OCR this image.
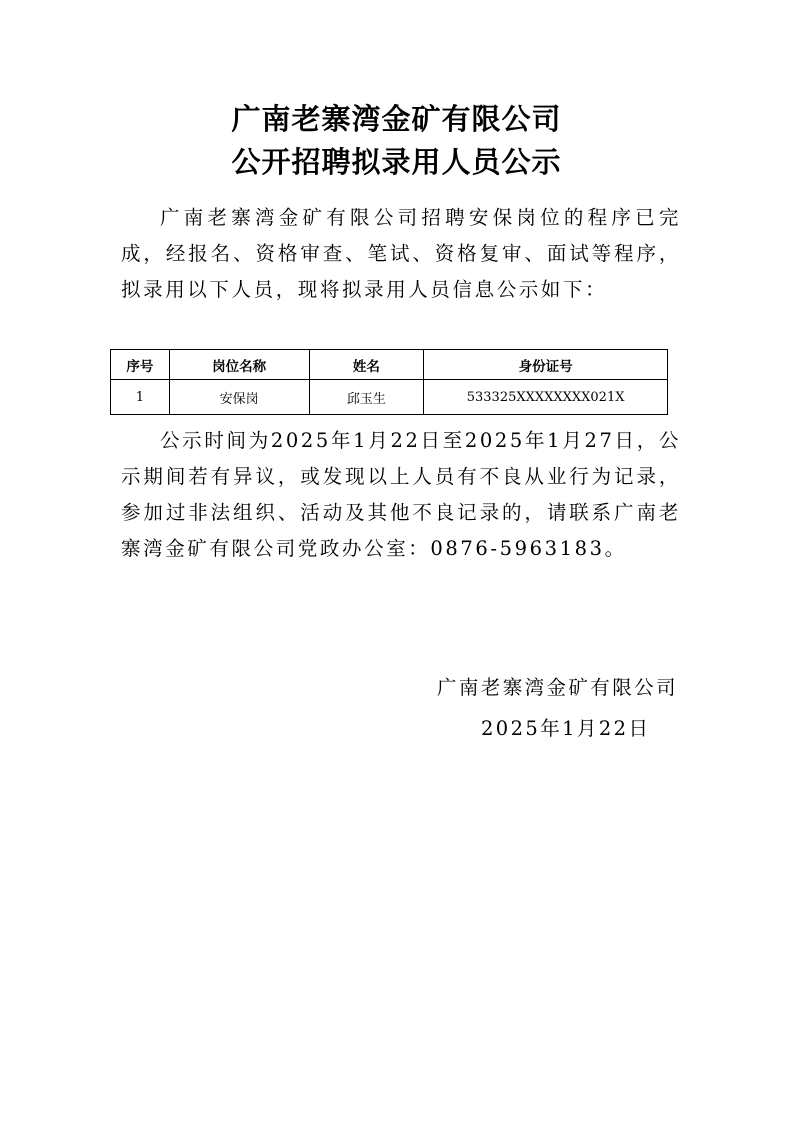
广南老寨湾金矿有限公司
公开招聘拟录用人员公示

广南老寨湾金矿有限公司招聘安保岗位的程序已完成，经报名、资格审查、笔试、资格复审、面试等程序，拟录用以下人员，现将拟录用人员信息公示如下：

序号	岗位名称	姓名	身份证号
1	安保岗	邱玉生	533325XXXXXXXX021X

公示时间为2025年1月22日至2025年1月27日，公示期间若有异议，或发现以上人员有不良从业行为记录，参加过非法组织、活动及其他不良记录的，请联系广南老寨湾金矿有限公司党政办公室：0876-5963183。

广南老寨湾金矿有限公司
2025年1月22日
